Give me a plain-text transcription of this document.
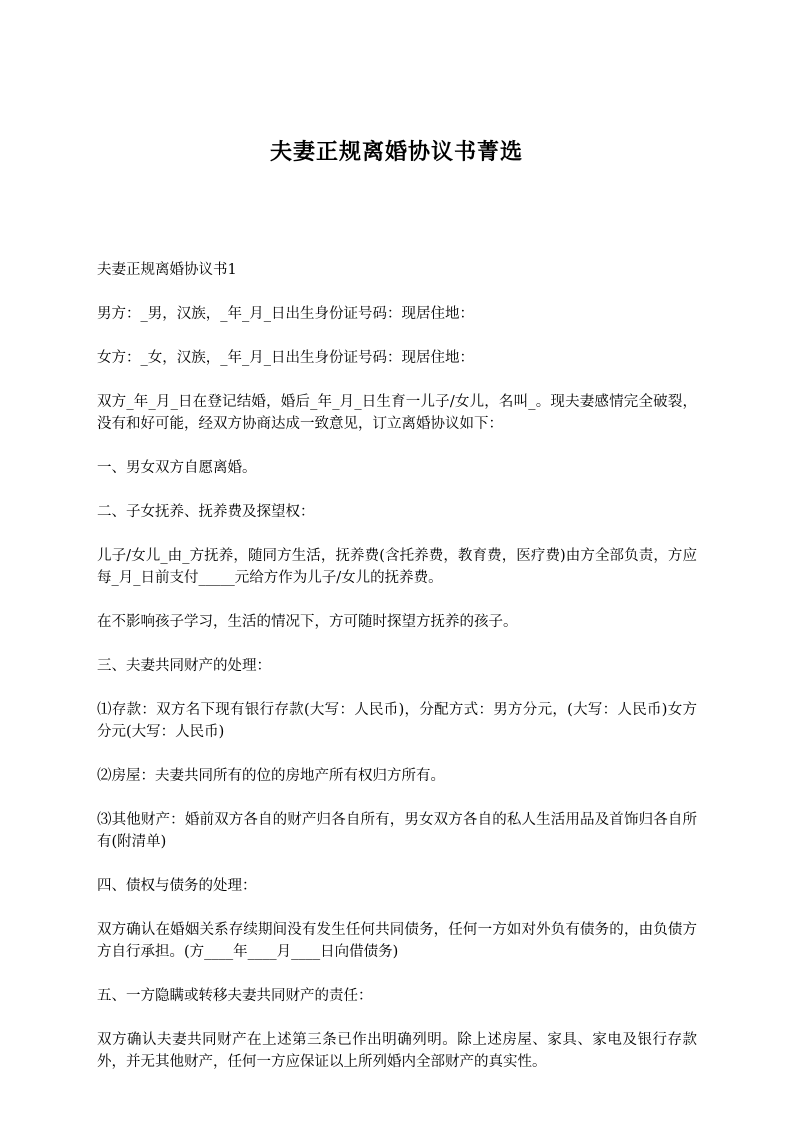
夫妻正规离婚协议书菁选

夫妻正规离婚协议书1

男方：_男，汉族，_年_月_日出生身份证号码：现居住地：

女方：_女，汉族，_年_月_日出生身份证号码：现居住地：

双方_年_月_日在登记结婚，婚后_年_月_日生育一儿子/女儿，名叫_。现夫妻感情完全破裂，没有和好可能，经双方协商达成一致意见，订立离婚协议如下：

一、男女双方自愿离婚。

二、子女抚养、抚养费及探望权：

儿子/女儿_由_方抚养，随同方生活，抚养费(含托养费，教育费，医疗费)由方全部负责，方应每_月_日前支付_____元给方作为儿子/女儿的抚养费。

在不影响孩子学习，生活的情况下，方可随时探望方抚养的孩子。

三、夫妻共同财产的处理：

⑴存款：双方名下现有银行存款(大写：人民币)，分配方式：男方分元，(大写：人民币)女方分元(大写：人民币)

⑵房屋：夫妻共同所有的位的房地产所有权归方所有。

⑶其他财产：婚前双方各自的财产归各自所有，男女双方各自的私人生活用品及首饰归各自所有(附清单)

四、债权与债务的处理：

双方确认在婚姻关系存续期间没有发生任何共同债务，任何一方如对外负有债务的，由负债方方自行承担。(方____年____月____日向借债务)

五、一方隐瞒或转移夫妻共同财产的责任：

双方确认夫妻共同财产在上述第三条已作出明确列明。除上述房屋、家具、家电及银行存款外，并无其他财产，任何一方应保证以上所列婚内全部财产的真实性。
